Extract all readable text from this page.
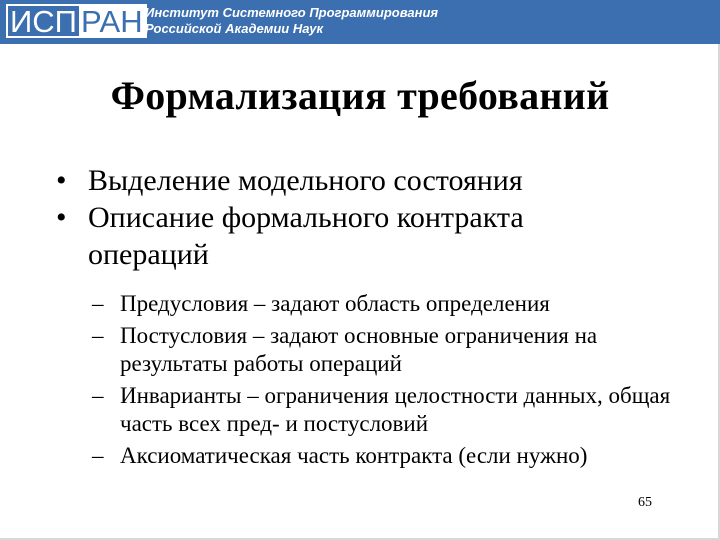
ИСП РАН Институт Системного Программирования
Российской Академии Наук
Формализация требований
• Выделение модельного состояния
• Описание формального контракта операций
– Предусловия – задают область определения
– Постусловия – задают основные ограничения на результаты работы операций
– Инварианты – ограничения целостности данных, общая часть всех пред- и постусловий
– Аксиоматическая часть контракта (если нужно)
65
